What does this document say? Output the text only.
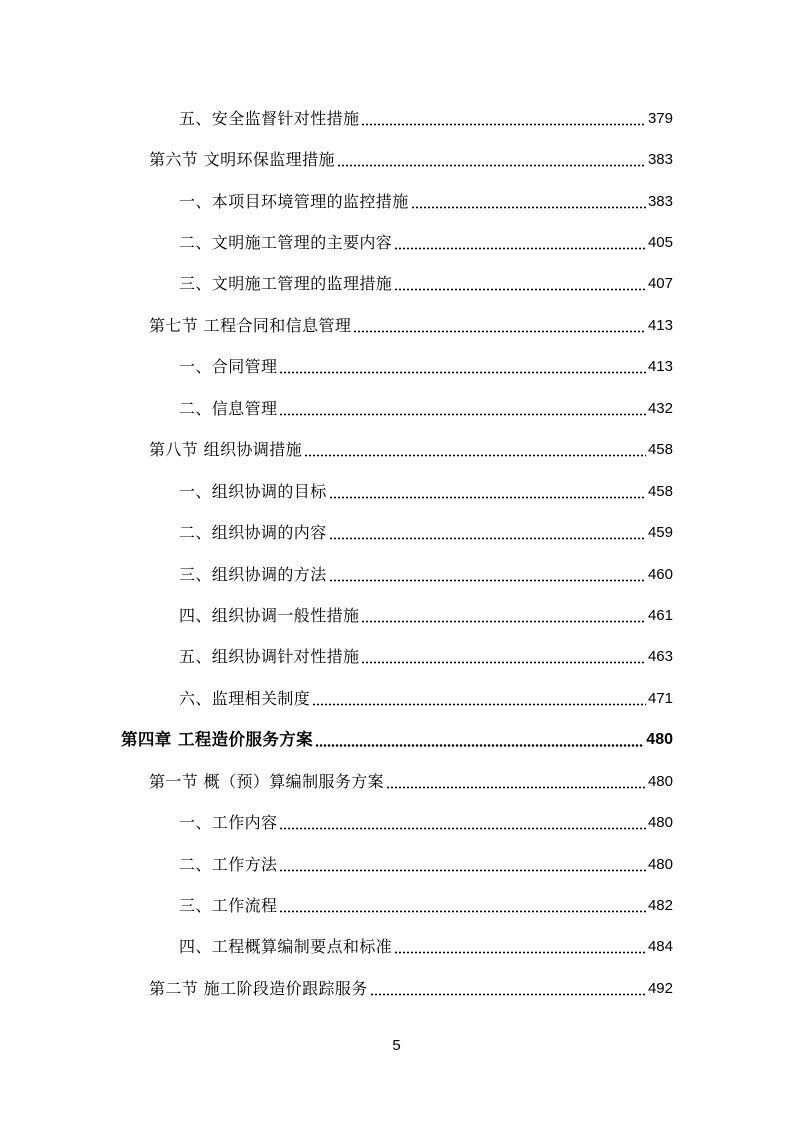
五、安全监督针对性措施	379
第六节 文明环保监理措施	383
一、本项目环境管理的监控措施	383
二、文明施工管理的主要内容	405
三、文明施工管理的监理措施	407
第七节 工程合同和信息管理	413
一、合同管理	413
二、信息管理	432
第八节 组织协调措施	458
一、组织协调的目标	458
二、组织协调的内容	459
三、组织协调的方法	460
四、组织协调一般性措施	461
五、组织协调针对性措施	463
六、监理相关制度	471
第四章 工程造价服务方案	480
第一节 概（预）算编制服务方案	480
一、工作内容	480
二、工作方法	480
三、工作流程	482
四、工程概算编制要点和标准	484
第二节 施工阶段造价跟踪服务	492
5
